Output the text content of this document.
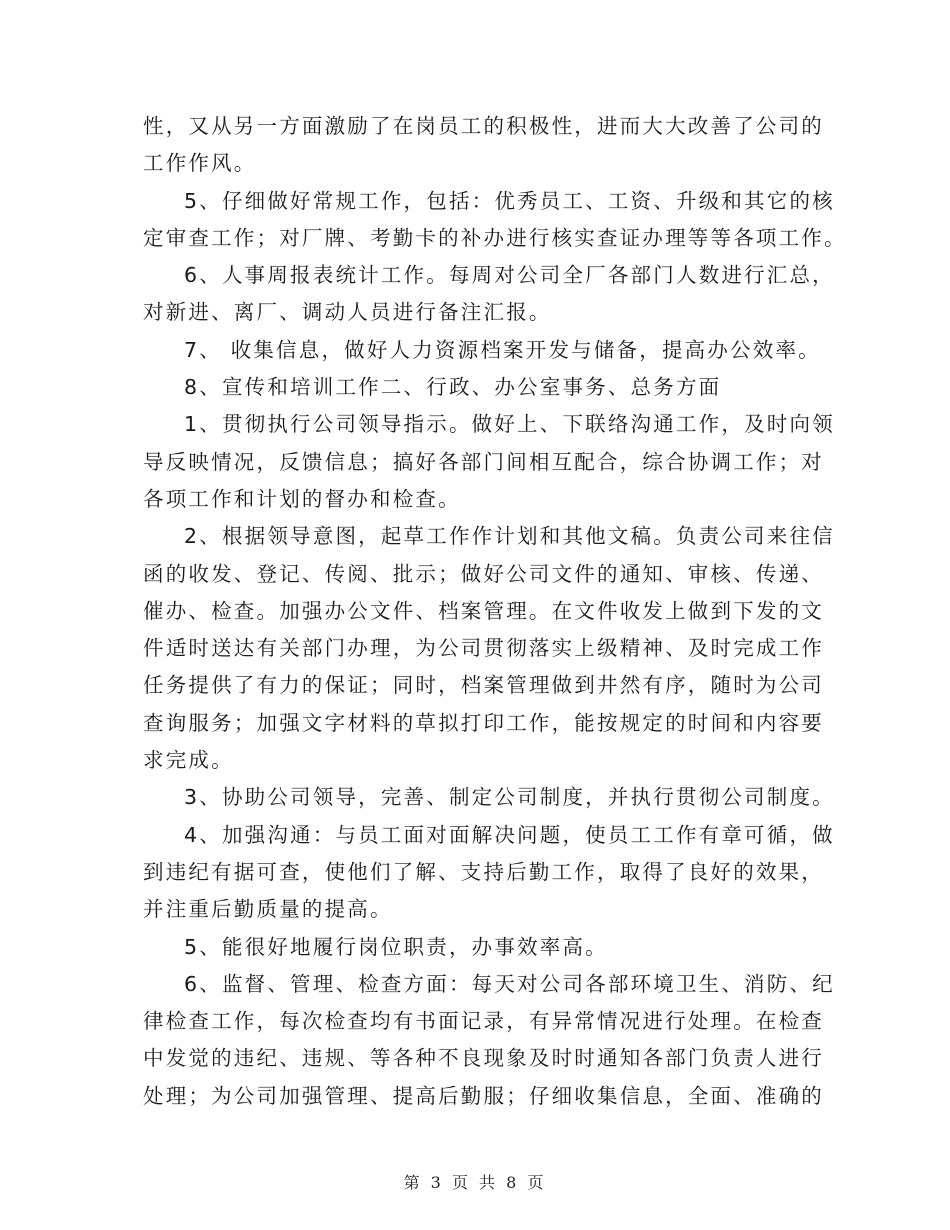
性，又从另一方面激励了在岗员工的积极性，进而大大改善了公司的
工作作风。
5、仔细做好常规工作，包括：优秀员工、工资、升级和其它的核
定审查工作；对厂牌、考勤卡的补办进行核实查证办理等等各项工作。
6、人事周报表统计工作。每周对公司全厂各部门人数进行汇总，
对新进、离厂、调动人员进行备注汇报。
7、 收集信息，做好人力资源档案开发与储备，提高办公效率。
8、宣传和培训工作二、行政、办公室事务、总务方面
1、贯彻执行公司领导指示。做好上、下联络沟通工作，及时向领
导反映情况，反馈信息；搞好各部门间相互配合，综合协调工作；对
各项工作和计划的督办和检查。
2、根据领导意图，起草工作作计划和其他文稿。负责公司来往信
函的收发、登记、传阅、批示；做好公司文件的通知、审核、传递、
催办、检查。加强办公文件、档案管理。在文件收发上做到下发的文
件适时送达有关部门办理，为公司贯彻落实上级精神、及时完成工作
任务提供了有力的保证；同时，档案管理做到井然有序，随时为公司
查询服务；加强文字材料的草拟打印工作，能按规定的时间和内容要
求完成。
3、协助公司领导，完善、制定公司制度，并执行贯彻公司制度。
4、加强沟通：与员工面对面解决问题，使员工工作有章可循，做
到违纪有据可查，使他们了解、支持后勤工作，取得了良好的效果，
并注重后勤质量的提高。
5、能很好地履行岗位职责，办事效率高。
6、监督、管理、检查方面：每天对公司各部环境卫生、消防、纪
律检查工作，每次检查均有书面记录，有异常情况进行处理。在检查
中发觉的违纪、违规、等各种不良现象及时时通知各部门负责人进行
处理；为公司加强管理、提高后勤服；仔细收集信息，全面、准确的
第 3 页 共 8 页
